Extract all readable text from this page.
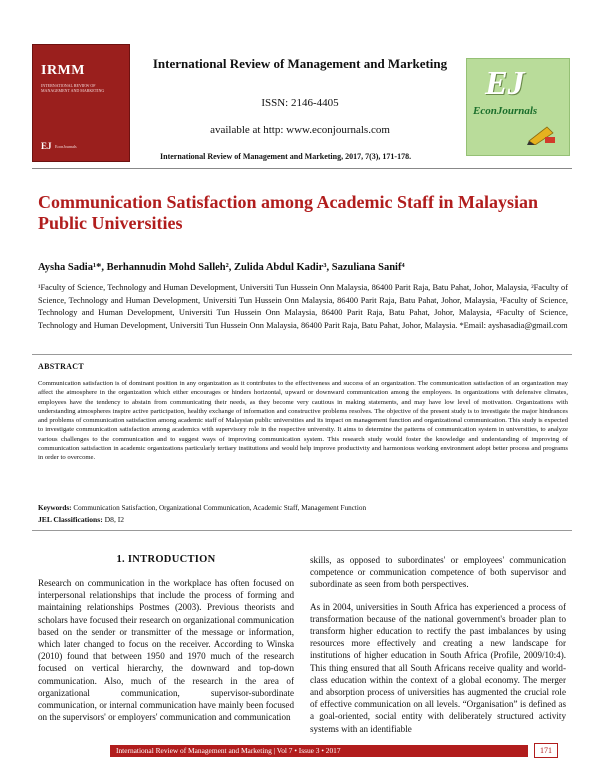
IRMM
INTERNATIONAL REVIEW OF MANAGEMENT AND MARKETING
EJ EconJournals
International Review of Management and Marketing
ISSN: 2146-4405
available at http: www.econjournals.com
International Review of Management and Marketing, 2017, 7(3), 171-178.
EJ
EconJournals
Communication Satisfaction among Academic Staff in Malaysian Public Universities
Aysha Sadia¹*, Berhannudin Mohd Salleh², Zulida Abdul Kadir³, Sazuliana Sanif⁴
¹Faculty of Science, Technology and Human Development, Universiti Tun Hussein Onn Malaysia, 86400 Parit Raja, Batu Pahat, Johor, Malaysia, ²Faculty of Science, Technology and Human Development, Universiti Tun Hussein Onn Malaysia, 86400 Parit Raja, Batu Pahat, Johor, Malaysia, ³Faculty of Science, Technology and Human Development, Universiti Tun Hussein Onn Malaysia, 86400 Parit Raja, Batu Pahat, Johor, Malaysia, ⁴Faculty of Science, Technology and Human Development, Universiti Tun Hussein Onn Malaysia, 86400 Parit Raja, Batu Pahat, Johor, Malaysia. *Email: ayshasadia@gmail.com
ABSTRACT
Communication satisfaction is of dominant position in any organization as it contributes to the effectiveness and success of an organization. The communication satisfaction of an organization may affect the atmosphere in the organization which either encourages or hinders horizontal, upward or downward communication among the employees. In organizations with defensive climates, employees have the tendency to abstain from communicating their needs, as they become very cautious in making statements, and may have low level of motivation. Organizations with understanding atmospheres inspire active participation, healthy exchange of information and constructive problems resolves. The objective of the present study is to investigate the major hindrances and problems of communication satisfaction among academic staff of Malaysian public universities and its impact on management function and organizational communication. This study is expected to investigate communication satisfaction among academics with supervisory role in the respective university. It aims to determine the patterns of communication system in universities, to analyze various challenges to the communication and to suggest ways of improving communication system. This research study would foster the knowledge and understanding of improving of communication satisfaction in academic organizations particularly tertiary institutions and would help improve productivity and harmonious working environment adopt better process and programs in order to overcome.
Keywords: Communication Satisfaction, Organizational Communication, Academic Staff, Management Function
JEL Classifications: D8, I2
1. INTRODUCTION

Research on communication in the workplace has often focused on interpersonal relationships that include the process of forming and maintaining relationships Postmes (2003). Previous theorists and scholars have focused their research on organizational communication based on the sender or transmitter of the message or information, which later changed to focus on the receiver. According to Winska (2010) found that between 1950 and 1970 much of the research focused on vertical hierarchy, the downward and top-down communication. Also, much of the research in the area of organizational communication, supervisor-subordinate communication, or internal communication have mainly been focused on the supervisors' or employers' communication and communication

skills, as opposed to subordinates' or employees' communication competence or communication competence of both supervisor and subordinate as seen from both perspectives.

As in 2004, universities in South Africa has experienced a process of transformation because of the national government's broader plan to transform higher education to rectify the past imbalances by using resources more effectively and creating a new landscape for institutions of higher education in South Africa (Profile, 2009/10:4). This thing ensured that all South Africans receive quality and world-class education within the context of a global economy. The merger and absorption process of universities has augmented the crucial role of effective communication on all levels. “Organisation” is defined as a goal-oriented, social entity with deliberately structured activity systems with an identifiable

International Review of Management and Marketing | Vol 7 • Issue 3 • 2017	171
